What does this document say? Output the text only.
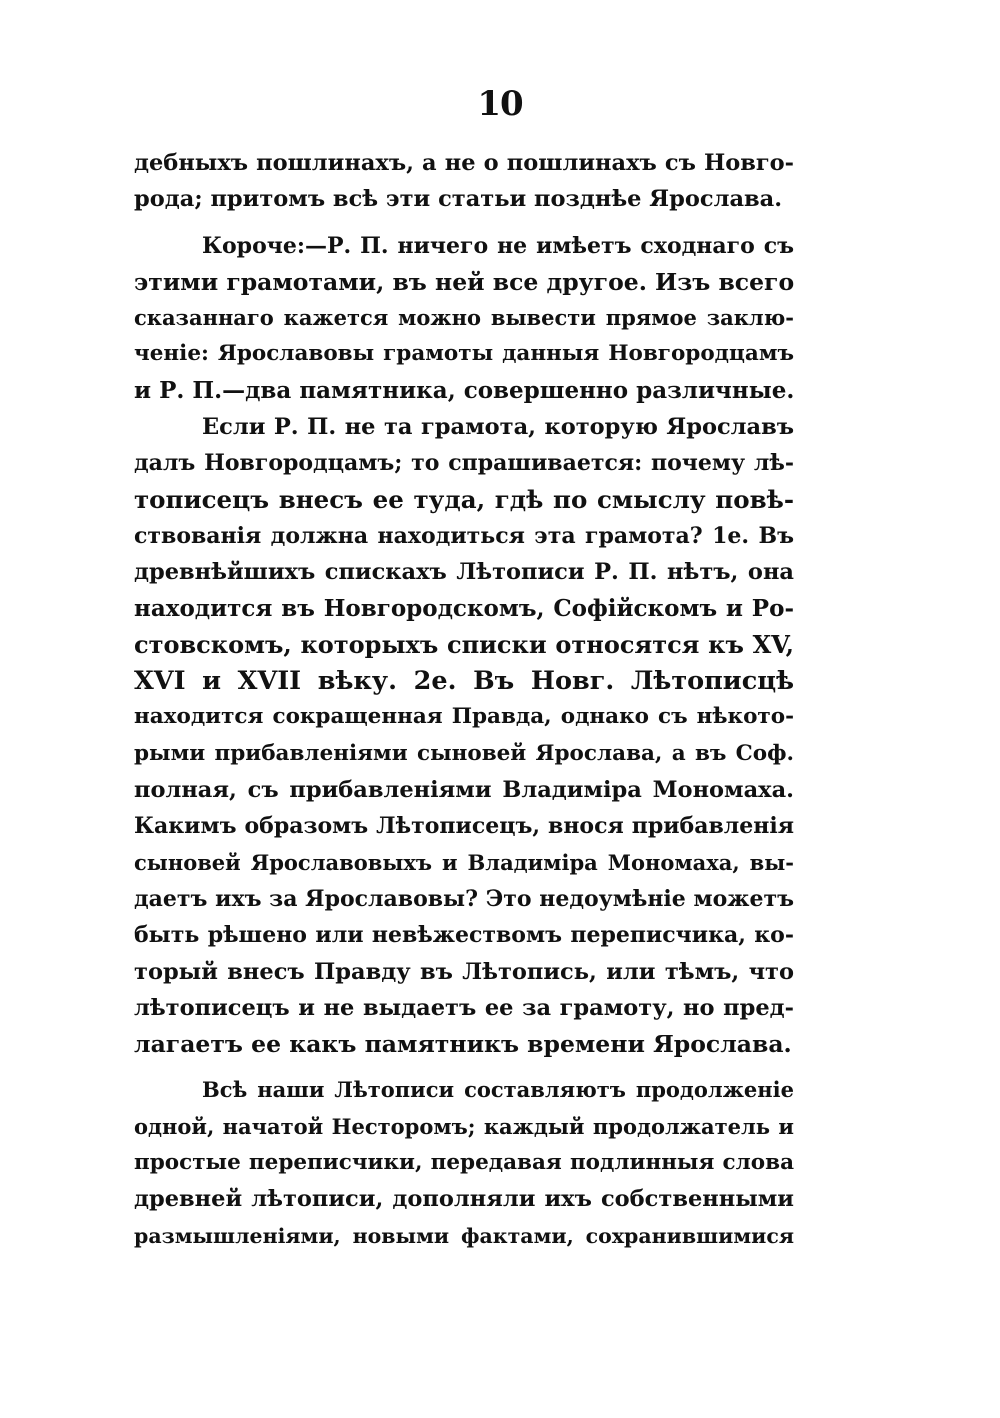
10
дебныхъ пошлинахъ, а не о пошлинахъ съ Новго-
рода; притомъ всѣ эти статьи позднѣе Ярослава.
Короче:—Р. П. ничего не имѣетъ сходнаго съ
этими грамотами, въ ней все другое. Изъ всего
сказаннаго кажется можно вывести прямое заклю-
ченіе: Ярославовы грамоты данныя Новгородцамъ
и Р. П.—два памятника, совершенно различные.
Если Р. П. не та грамота, которую Ярославъ
далъ Новгородцамъ; то спрашивается: почему лѣ-
тописецъ внесъ ее туда, гдѣ по смыслу повѣ-
ствованія должна находиться эта грамота? 1е. Въ
древнѣйшихъ спискахъ Лѣтописи Р. П. нѣтъ, она
находится въ Новгородскомъ, Софійскомъ и Ро-
стовскомъ, которыхъ списки относятся къ XV,
XVI и XVII вѣку. 2е. Въ Новг. Лѣтописцѣ
находится сокращенная Правда, однако съ нѣкото-
рыми прибавленіями сыновей Ярослава, а въ Соф.
полная, съ прибавленіями Владиміра Мономаха.
Какимъ образомъ Лѣтописецъ, внося прибавленія
сыновей Ярославовыхъ и Владиміра Мономаха, вы-
даетъ ихъ за Ярославовы? Это недоумѣніе можетъ
быть рѣшено или невѣжествомъ переписчика, ко-
торый внесъ Правду въ Лѣтопись, или тѣмъ, что
лѣтописецъ и не выдаетъ ее за грамоту, но пред-
лагаетъ ее какъ памятникъ времени Ярослава.
Всѣ наши Лѣтописи составляютъ продолженіе
одной, начатой Несторомъ; каждый продолжатель и
простые переписчики, передавая подлинныя слова
древней лѣтописи, дополняли ихъ собственными
размышленіями, новыми фактами, сохранившимися
